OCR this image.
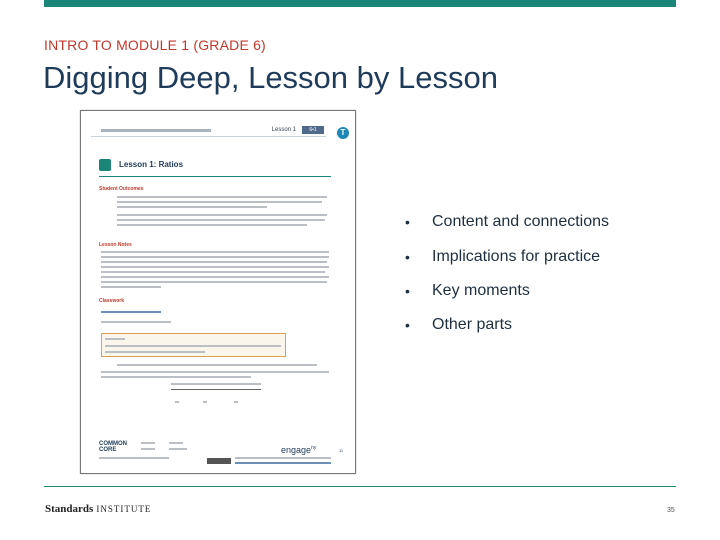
INTRO TO MODULE 1 (GRADE 6)
Digging Deep, Lesson by Lesson
Lesson 1	6•1	T
Lesson 1: Ratios
Student Outcomes
Lesson Notes
Classwork
COMMON
CORE	engage$^{ny}$	11
• Content and connections
• Implications for practice
• Key moments
• Other parts
Standards INSTITUTE	35
